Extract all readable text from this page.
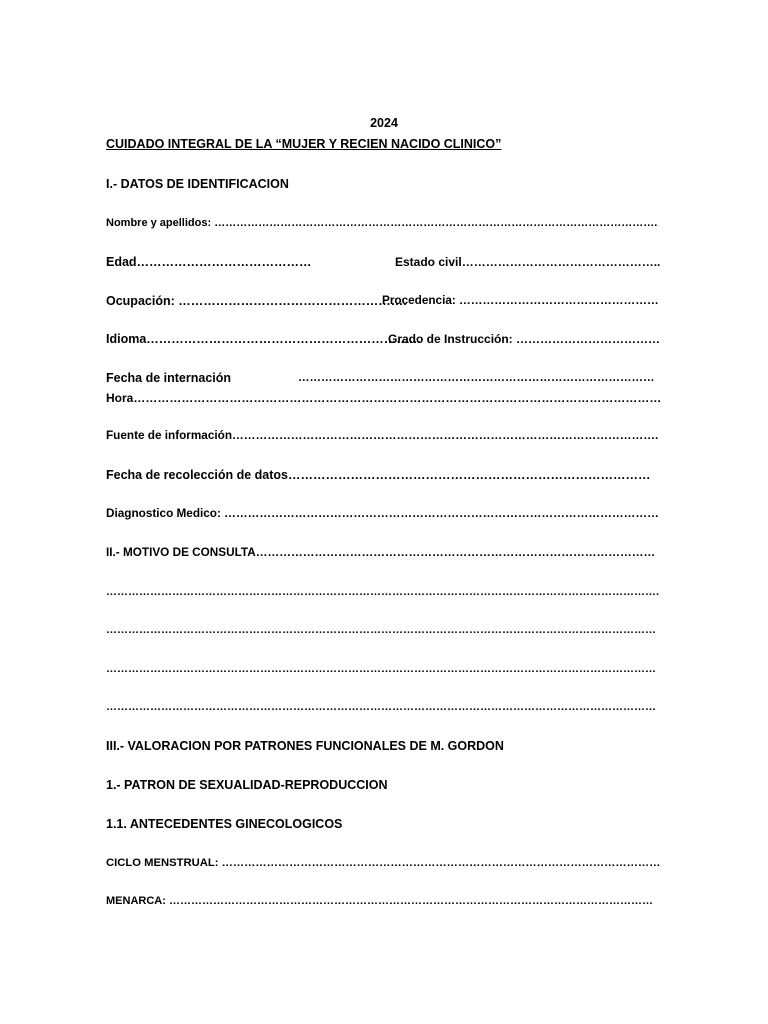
2024
CUIDADO INTEGRAL DE LA “MUJER Y RECIEN NACIDO CLINICO”
I.- DATOS DE IDENTIFICACION
Nombre y apellidos: ………………………………………………………………………………………………………….
Edad……………………………………	Estado civil…………………………………………..
Ocupación: ……………………………………………….
Procedencia: ……………………………………………
Idioma…………………………………………………………
Grado de Instrucción: ………………………………
Fecha de internación	…………………………………………………………………………………
Hora……………………………………………………………………………………………………………………
Fuente de información……………………………………………………………………………………………….
Fecha de recolección de datos……………………………………………………………………………
Diagnostico Medico: …………………………………………………………………………………………………
II.- MOTIVO DE CONSULTA…………………………………………………………………………………………
…………………………………………………………………………………………………………………………………….
……………………………………………………………………………………………………………………………………
……………………………………………………………………………………………………………………………………
……………………………………………………………………………………………………………………………………
III.- VALORACION POR PATRONES FUNCIONALES DE M. GORDON
1.- PATRON DE SEXUALIDAD-REPRODUCCION
1.1. ANTECEDENTES GINECOLOGICOS
CICLO MENSTRUAL: ………………………………………………………………………………………………………
MENARCA: ……………………………………………………………………………………………………………………
